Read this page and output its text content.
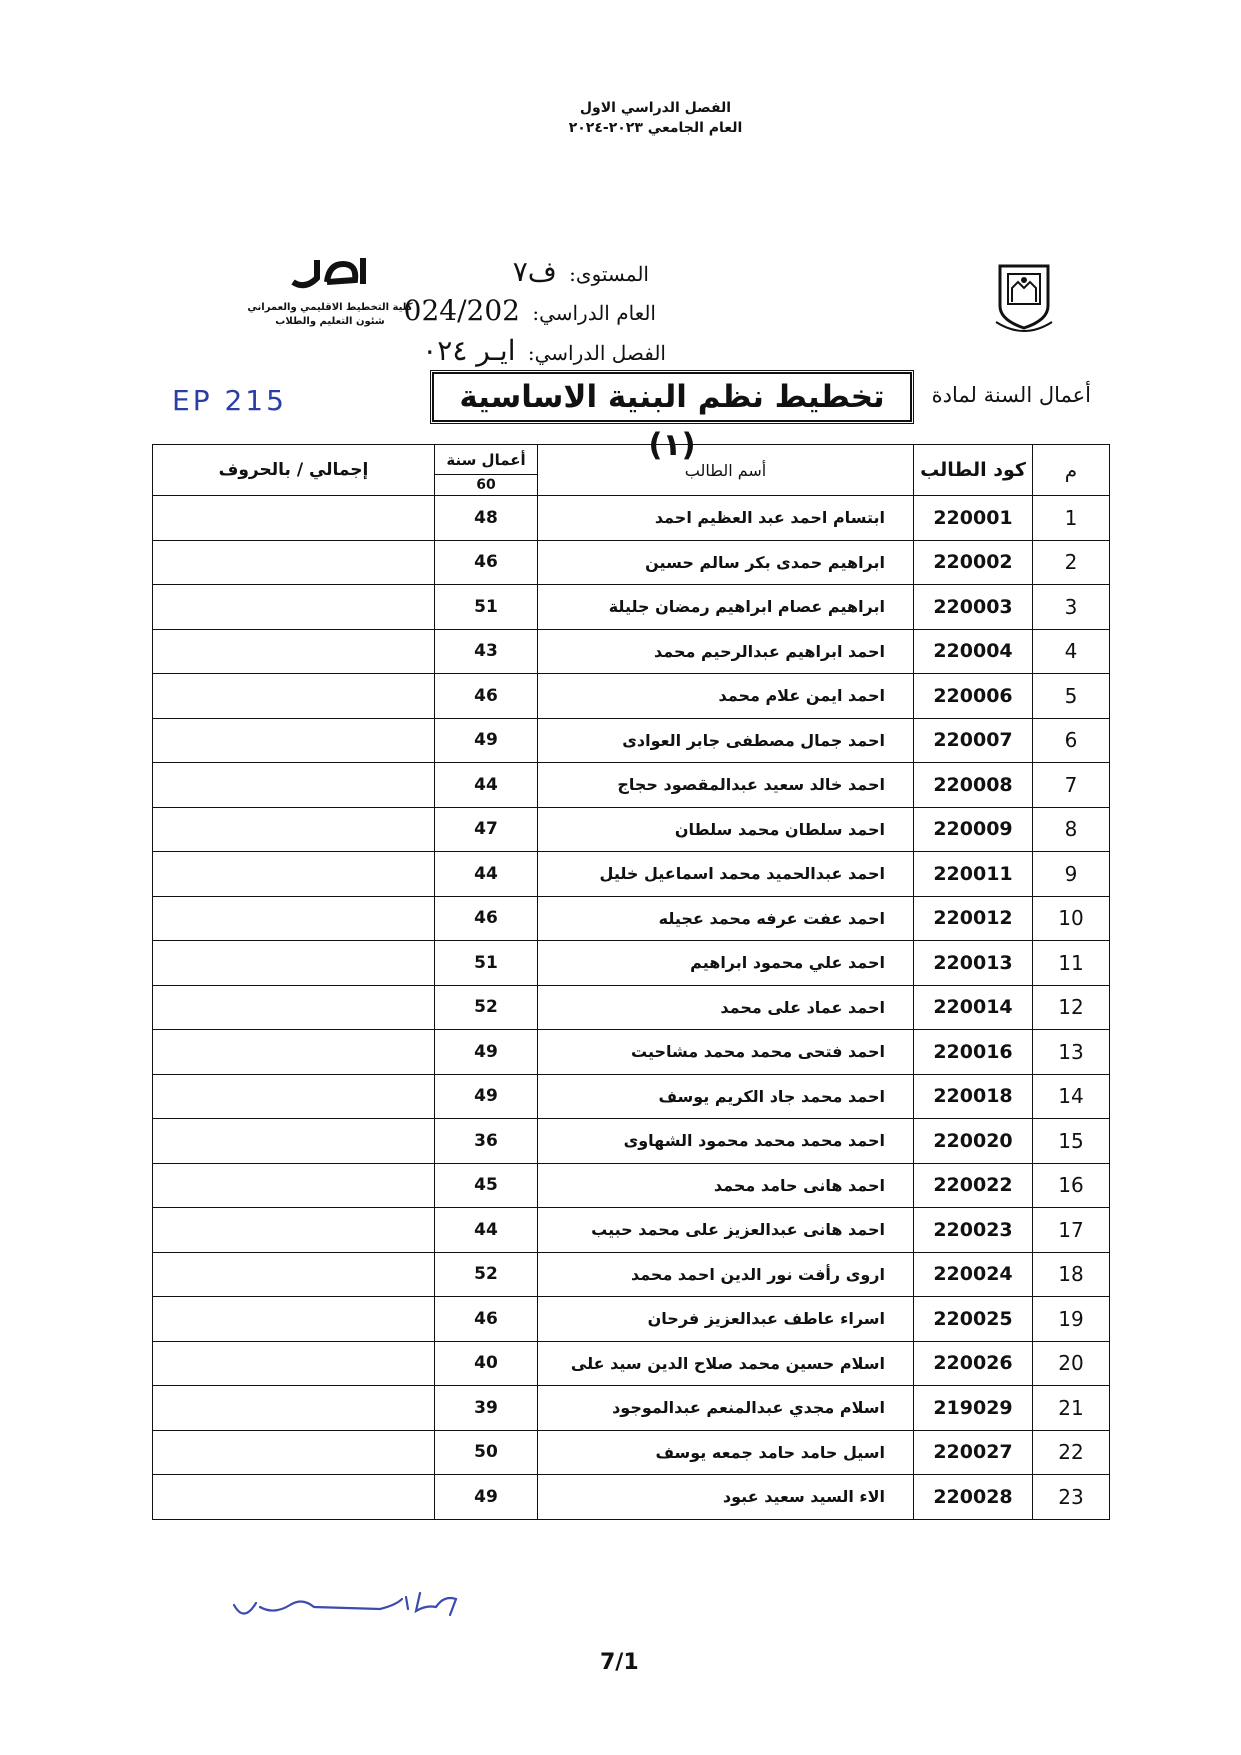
الفصل الدراسي الاول
العام الجامعي ٢٠٢٣-٢٠٢٤
كلية التخطيط الاقليمي والعمراني
شئون التعليم والطلاب
المستوى: ف٧
العام الدراسي: 024/202
الفصل الدراسي: ايـر ٠٢٤
أعمال السنة لمادة
تخطيط نظم البنية الاساسية (١)
EP 215
م	كود الطالب	أسم الطالب	أعمال سنة
60	إجمالي / بالحروف
1	220001	ابتسام احمد عبد العظيم احمد	48	
2	220002	ابراهيم حمدى بكر سالم حسين	46	
3	220003	ابراهيم عصام ابراهيم رمضان جليلة	51	
4	220004	احمد ابراهيم عبدالرحيم محمد	43	
5	220006	احمد ايمن علام محمد	46	
6	220007	احمد جمال مصطفى جابر العوادى	49	
7	220008	احمد خالد سعيد عبدالمقصود حجاج	44	
8	220009	احمد سلطان محمد سلطان	47	
9	220011	احمد عبدالحميد محمد اسماعيل خليل	44	
10	220012	احمد عفت عرفه محمد عجيله	46	
11	220013	احمد علي محمود ابراهيم	51	
12	220014	احمد عماد على محمد	52	
13	220016	احمد فتحى محمد محمد مشاحيت	49	
14	220018	احمد محمد جاد الكريم يوسف	49	
15	220020	احمد محمد محمد محمود الشهاوى	36	
16	220022	احمد هانى حامد محمد	45	
17	220023	احمد هانى عبدالعزيز على محمد حبيب	44	
18	220024	اروى رأفت نور الدين احمد محمد	52	
19	220025	اسراء عاطف عبدالعزيز فرحان	46	
20	220026	اسلام حسين محمد صلاح الدين سيد على	40	
21	219029	اسلام مجدي عبدالمنعم عبدالموجود	39	
22	220027	اسيل حامد حامد جمعه يوسف	50	
23	220028	الاء السيد سعيد عبود	49	
7/1
